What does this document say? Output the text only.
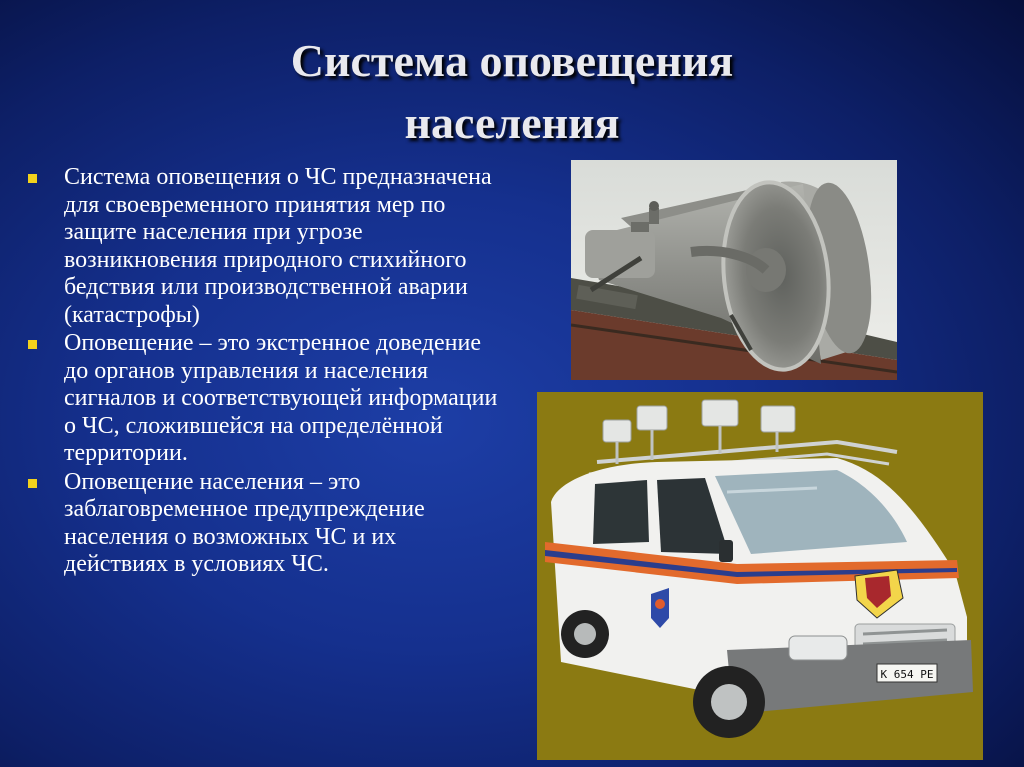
Система оповещения
населения
Система оповещения о ЧС предназначена для своевременного принятия мер по защите населения при угрозе возникновения природного стихийного бедствия или производственной аварии (катастрофы)
Оповещение – это экстренное доведение до органов управления и населения сигналов и соответствующей информации о ЧС, сложившейся на определённой территории.
Оповещение населения – это заблаговременное предупреждение населения о возможных ЧС и их действиях в условиях ЧС.
К 654 РЕ
